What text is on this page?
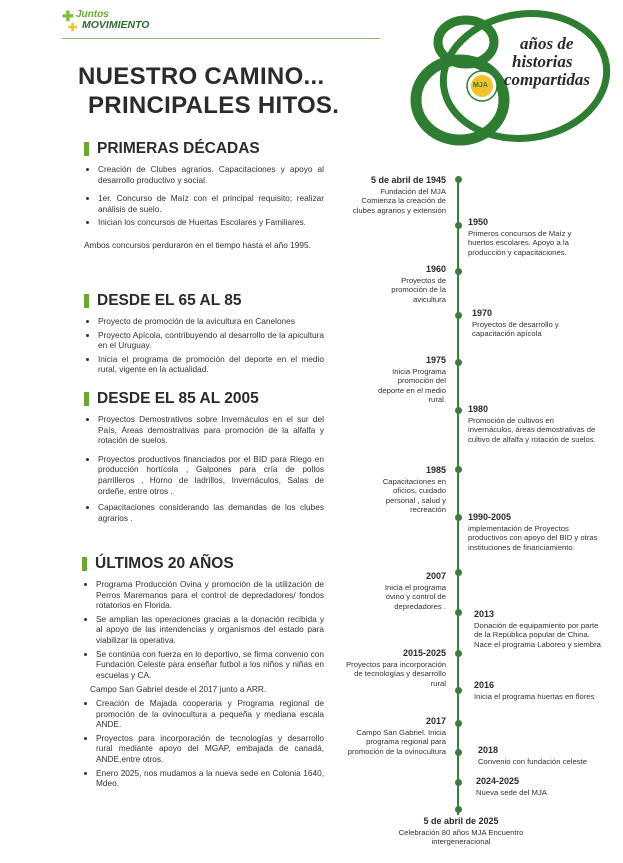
✚
✚
Juntos
MOVIMIENTO
NUESTRO CAMINO...
PRINCIPALES HITOS.
años de
historias
compartidas
MJA
PRIMERAS DÉCADAS
• Creación de Clubes agrarios. Capacitaciones y apoyo al desarrollo productivo y social.
• 1er. Concurso de Maíz con el principal requisito; realizar análisis de suelo.
• Inician los concursos de Huertas Escolares y Familiares.
Ambos concursos perduraron en el tiempo hasta el año 1995.
DESDE EL 65 AL 85
• Proyecto de promoción de la avicultura en Canelones
• Proyecto Apícola, contribuyendo al desarrollo de la apicultura en el Uruguay.
• Inicia el programa de promoción del deporte en el medio rural, vigente en la actualidad.
DESDE EL 85 AL 2005
• Proyectos Demostrativos sobre Invernáculos en el sur del País, Áreas demostrativas para promoción de la alfalfa y rotación de suelos.
• Proyectos productivos financiados por el BID para Riego en producción hortícola , Galpones para cría de pollos parrilleros , Horno de ladrillos, Invernáculos, Salas de ordeñe, entre otros .
• Capacitaciones considerando las demandas de los clubes agrarios .
ÚLTIMOS 20 AÑOS
• Programa Producción Ovina y promoción de la utilización de Perros Maremanos para el control de depredadores/ fondos rotatorios en Florida.
• Se amplian las operaciones gracias a la donación recibida y al apoyo de las intendencias y organismos del estado para viabilizar la operativa.
• Se continúa con fuerza en lo deportivo, se firma convenio con Fundación Celeste para enseñar futbol a los niños y niñas en escuelas y CA.
Campo San Gabriel desde el 2017 junto a ARR.
• Creación de Majada cooperaria y Programa regional de promoción de la ovinocultura a pequeña y mediana escala ANDE.
• Proyectos para incorporación de tecnologías y desarrollo rural mediante apoyo del MGAP, embajada de canadá, ANDE,entre otros.
• Enero 2025, nos mudamos a la nueva sede en Colonia 1640, Mdeo.
5 de abril de 1945
Fundación del MJA Comienza la creación de clubes agrarios y extensión
1950
Primeros concursos de Maíz y huertos escolares. Apoyo a la producción y capacitaciones.
1960
Proyectos de promoción de la avicultura
1970
Proyectos de desarrollo y capacitación apícola
1975
Inicia Programa promoción del deporte en el medio rural.
1980
Promoción de cultivos en invernáculos, áreas demostrativas de cultivo de alfalfa y rotación de suelos.
1985
Capacitaciones en oficios, cuidado personal , salud y recreación
1990-2005
implementación de Proyectos productivos con apoyo del BID y otras instituciones de financiamiento.
2007
Inicia el programa ovino y control de depredadores .
2013
Donación de equipamiento por parte de la República popular de China. Nace el programa Laboreo y siembra
2015-2025
Proyectos para incorporación de tecnologías y desarrollo rural	2016
Inicia el programa huertas en flores
2017
Campo San Gabriel. Inicia programa regional para promoción de la ovinocultura	2018
Convenio con fundación celeste
2024-2025
Nueva sede del MJA
5 de abril de 2025
Celebración 80 años MJA Encuentro intergeneracional
